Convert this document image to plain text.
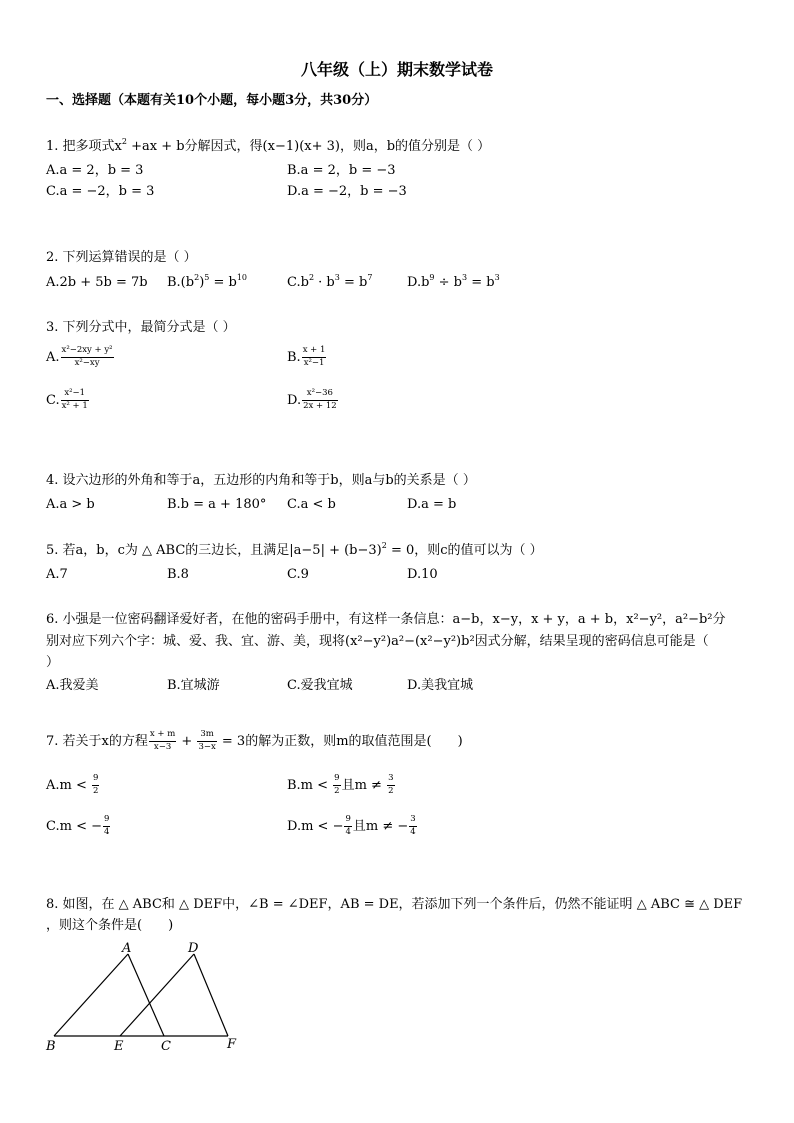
八年级（上）期末数学试卷
一、选择题（本题有关10个小题，每小题3分，共30分）
1. 把多项式$x^2 +ax + b$分解因式，得(x−1)(x+ 3)，则a，b的值分别是（ ）
A.a = 2，b = 3	B.a = 2，b = −3
C.a = −2，b = 3	D.a = −2，b = −3
2. 下列运算错误的是（ ）
A.2b + 5b = 7b $B.(b^2)^5 = b^{10}$	$C.b^2 \cdot b^3 = b^7$	$D.b^9 \div b^3 = b^3$
3. 下列分式中，最简分式是（ ）
A. $\frac{\text{x²−2xy + y²}}{\text{x²−xy}}$	B. $\frac{x + 1}{\text{x²−1}}$
C. $\frac{\text{x²−1}}{\text{x² + 1}}$	D. $\frac{\text{x²−36}}{2x + 12}$
4. 设六边形的外角和等于a，五边形的内角和等于b，则a与b的关系是（ ）
A.a > b	B.b = a + 180° C.a < b	D.a = b
5. 若a，b，c为 △ ABC的三边长，且满足$|a-5| + (b-3)^2 = 0$，则c的值可以为（ ）
A.7	B.8	C.9	D.10
6. 小强是一位密码翻译爱好者，在他的密码手册中，有这样一条信息：a−b，x−y，x + y，a + b，x²−y²，a²−b²分
别对应下列六个字：城、爱、我、宜、游、美，现将(x²−y²)a²−(x²−y²)b²因式分解，结果呈现的密码信息可能是（
）
A.我爱美	B.宜城游	C.爱我宜城	D.美我宜城
7. 若关于x的方程 $\frac{x + m}{x-3} + \frac{3m}{3-x} = 3$的解为正数，则m的取值范围是(　　)
$A.m < \frac{9}{2}$	$B.m < \frac{9}{2}$ 且$m \ne \frac{3}{2}$
C.m < − $\frac{9}{4}$	D.m < − $\frac{9}{4}$ 且m ≠ − $\frac{3}{4}$
8. 如图，在 △ ABC和 △ DEF中，∠B = ∠DEF，AB = DE，若添加下列一个条件后，仍然不能证明 △ ABC ≅ △ DEF
，则这个条件是(　　)
A	D
B	E	C	F
